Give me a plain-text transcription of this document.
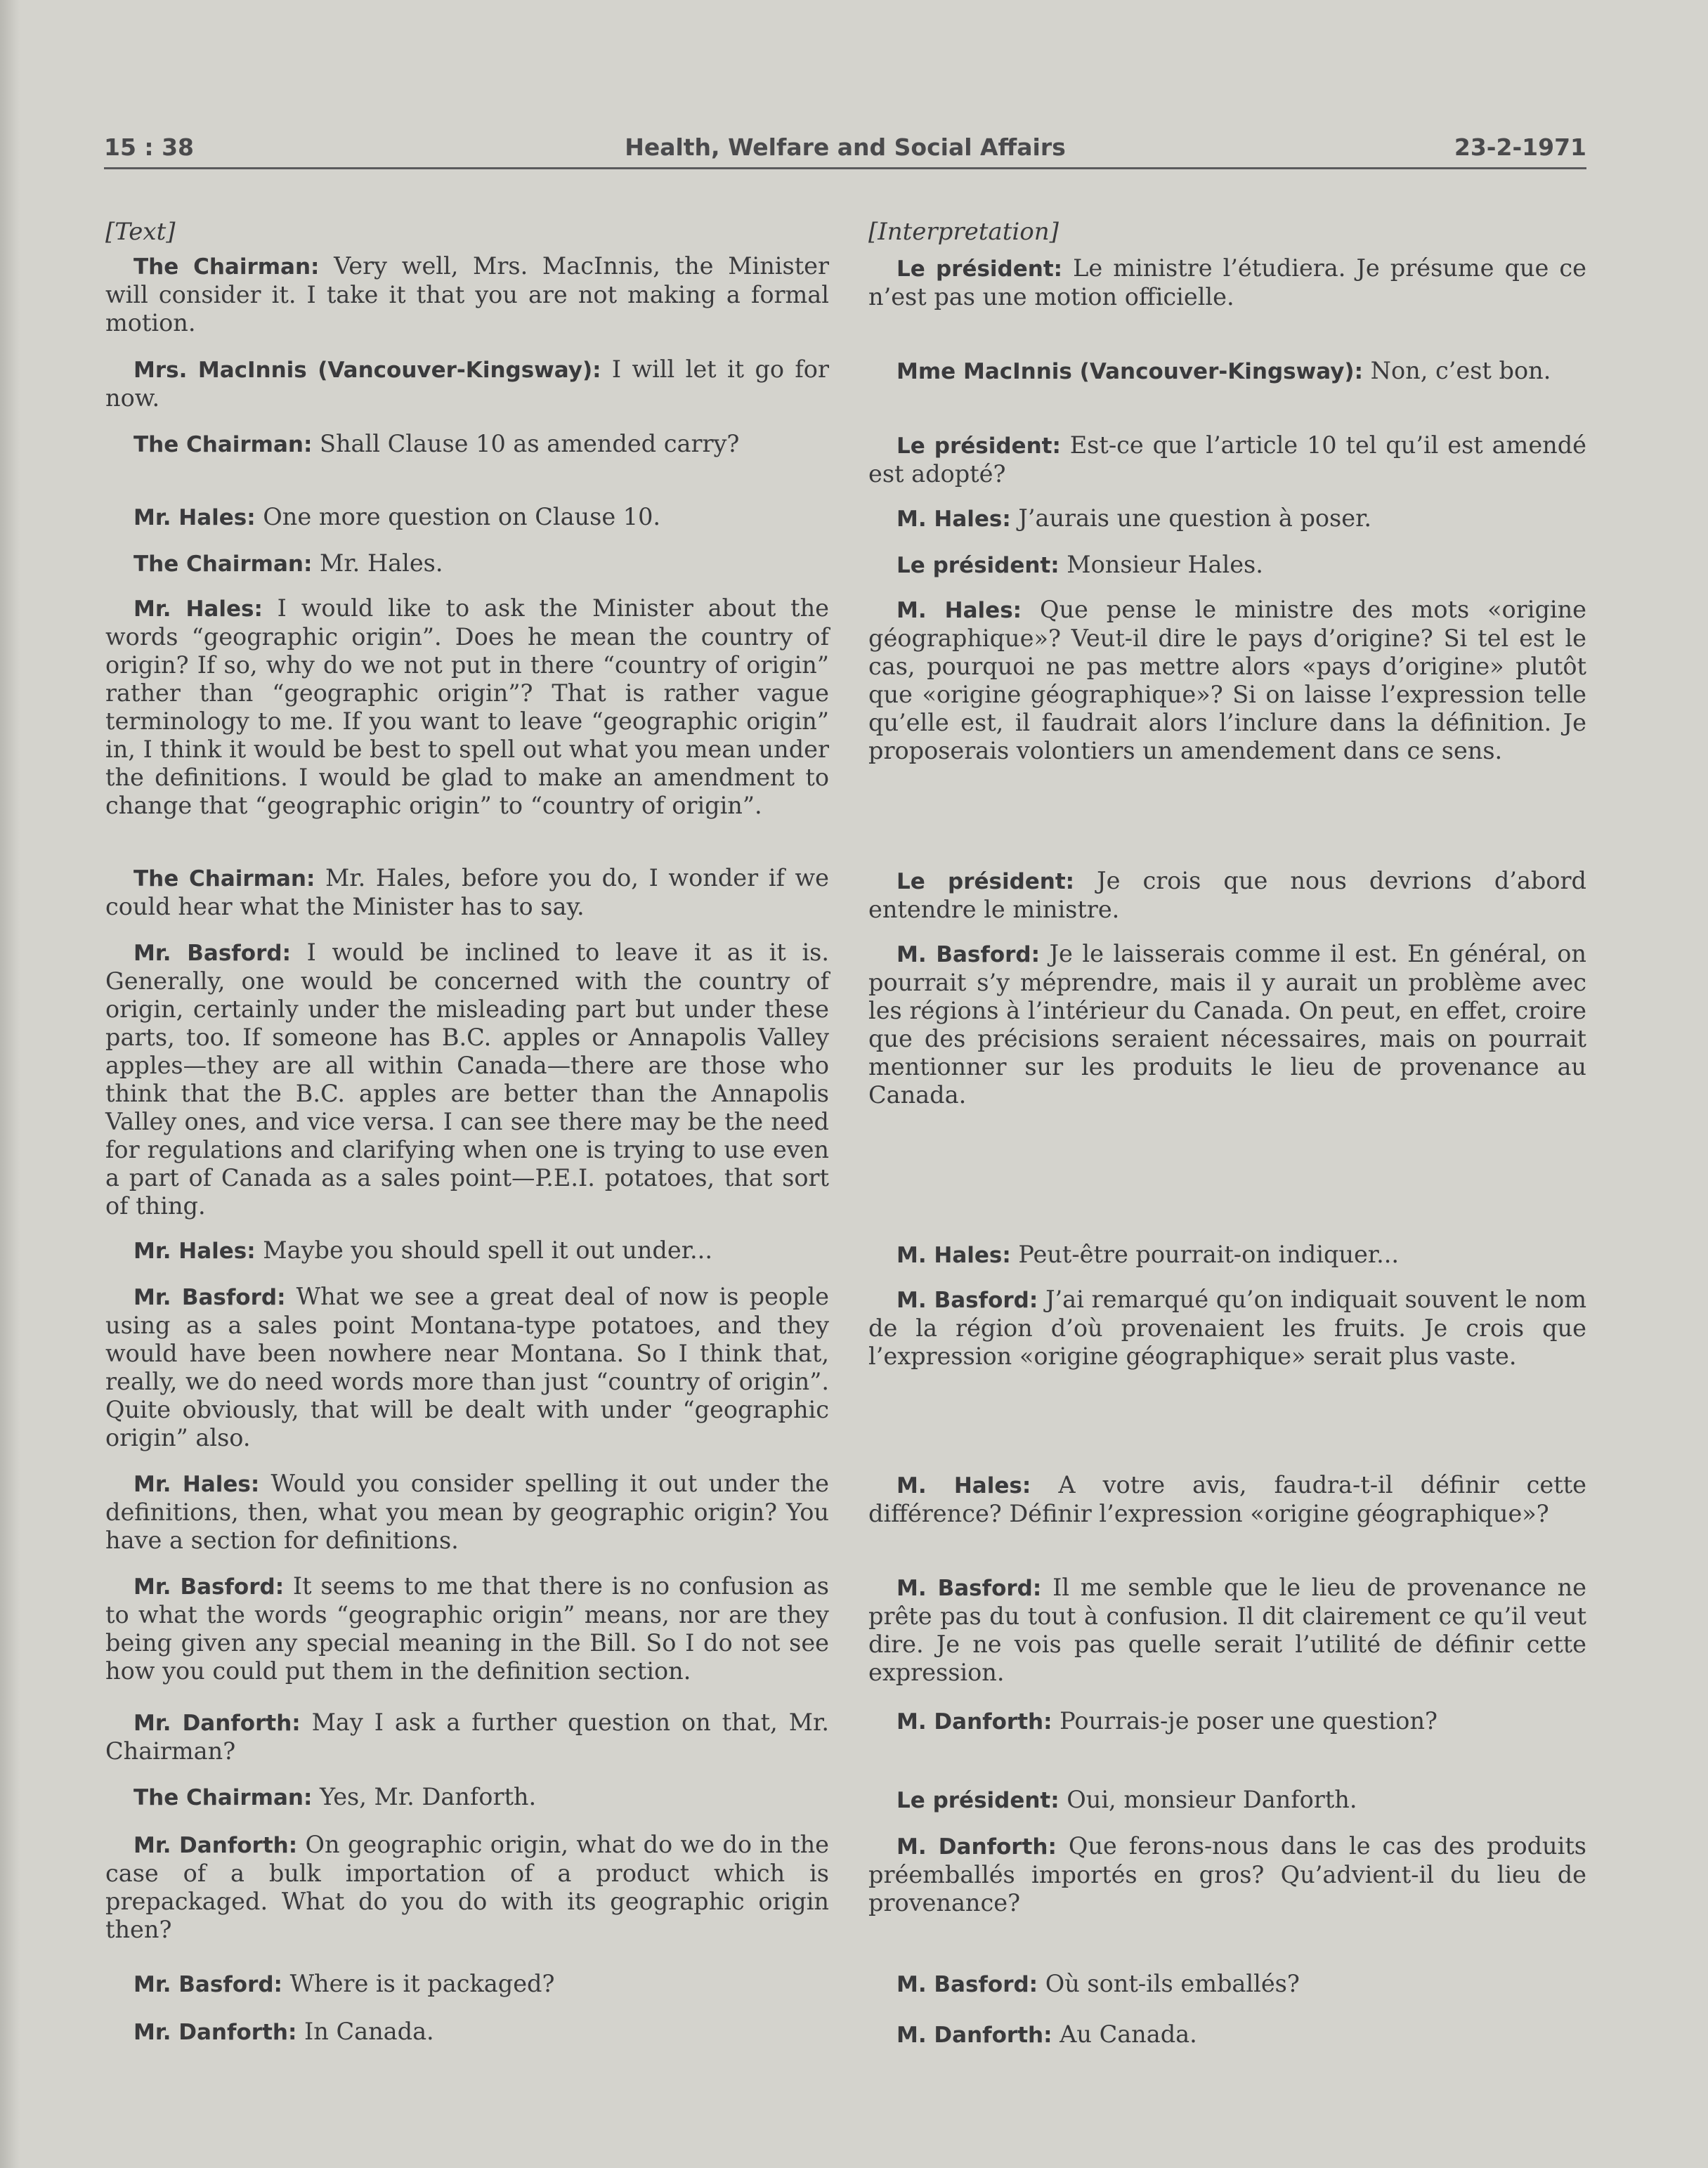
15 : 38	Health, Welfare and Social Affairs	23-2-1971
[Text]

The Chairman: Very well, Mrs. MacInnis, the Minister will consider it. I take it that you are not making a formal motion.

Mrs. MacInnis (Vancouver-Kingsway): I will let it go for now.

The Chairman: Shall Clause 10 as amended carry?

Mr. Hales: One more question on Clause 10.

The Chairman: Mr. Hales.

Mr. Hales: I would like to ask the Minister about the words “geographic origin”. Does he mean the country of origin? If so, why do we not put in there “country of origin” rather than “geographic origin”? That is rather vague terminology to me. If you want to leave “geographic origin” in, I think it would be best to spell out what you mean under the definitions. I would be glad to make an amendment to change that “geographic origin” to “country of origin”.

The Chairman: Mr. Hales, before you do, I wonder if we could hear what the Minister has to say.

Mr. Basford: I would be inclined to leave it as it is. Generally, one would be concerned with the country of origin, certainly under the misleading part but under these parts, too. If someone has B.C. apples or Annapolis Valley apples—they are all within Canada—there are those who think that the B.C. apples are better than the Annapolis Valley ones, and vice versa. I can see there may be the need for regulations and clarifying when one is trying to use even a part of Canada as a sales point—P.E.I. potatoes, that sort of thing.

Mr. Hales: Maybe you should spell it out under...

Mr. Basford: What we see a great deal of now is people using as a sales point Montana-type potatoes, and they would have been nowhere near Montana. So I think that, really, we do need words more than just “country of origin”. Quite obviously, that will be dealt with under “geographic origin” also.

Mr. Hales: Would you consider spelling it out under the definitions, then, what you mean by geographic origin? You have a section for definitions.

Mr. Basford: It seems to me that there is no confusion as to what the words “geographic origin” means, nor are they being given any special meaning in the Bill. So I do not see how you could put them in the definition section.

Mr. Danforth: May I ask a further question on that, Mr. Chairman?

The Chairman: Yes, Mr. Danforth.

Mr. Danforth: On geographic origin, what do we do in the case of a bulk importation of a product which is prepackaged. What do you do with its geographic origin then?

Mr. Basford: Where is it packaged?

Mr. Danforth: In Canada.

[Interpretation]

Le président: Le ministre l’étudiera. Je présume que ce n’est pas une motion officielle.

Mme MacInnis (Vancouver-Kingsway): Non, c’est bon.

Le président: Est-ce que l’article 10 tel qu’il est amendé est adopté?

M. Hales: J’aurais une question à poser.

Le président: Monsieur Hales.

M. Hales: Que pense le ministre des mots «origine géographique»? Veut-il dire le pays d’origine? Si tel est le cas, pourquoi ne pas mettre alors «pays d’origine» plutôt que «origine géographique»? Si on laisse l’expression telle qu’elle est, il faudrait alors l’inclure dans la définition. Je proposerais volontiers un amendement dans ce sens.

Le président: Je crois que nous devrions d’abord entendre le ministre.

M. Basford: Je le laisserais comme il est. En général, on pourrait s’y méprendre, mais il y aurait un problème avec les régions à l’intérieur du Canada. On peut, en effet, croire que des précisions seraient nécessaires, mais on pourrait mentionner sur les produits le lieu de provenance au Canada.

M. Hales: Peut-être pourrait-on indiquer...

M. Basford: J’ai remarqué qu’on indiquait souvent le nom de la région d’où provenaient les fruits. Je crois que l’expression «origine géographique» serait plus vaste.

M. Hales: A votre avis, faudra-t-il définir cette différence? Définir l’expression «origine géographique»?

M. Basford: Il me semble que le lieu de provenance ne prête pas du tout à confusion. Il dit clairement ce qu’il veut dire. Je ne vois pas quelle serait l’utilité de définir cette expression.

M. Danforth: Pourrais-je poser une question?

Le président: Oui, monsieur Danforth.

M. Danforth: Que ferons-nous dans le cas des produits préemballés importés en gros? Qu’advient-il du lieu de provenance?

M. Basford: Où sont-ils emballés?

M. Danforth: Au Canada.
